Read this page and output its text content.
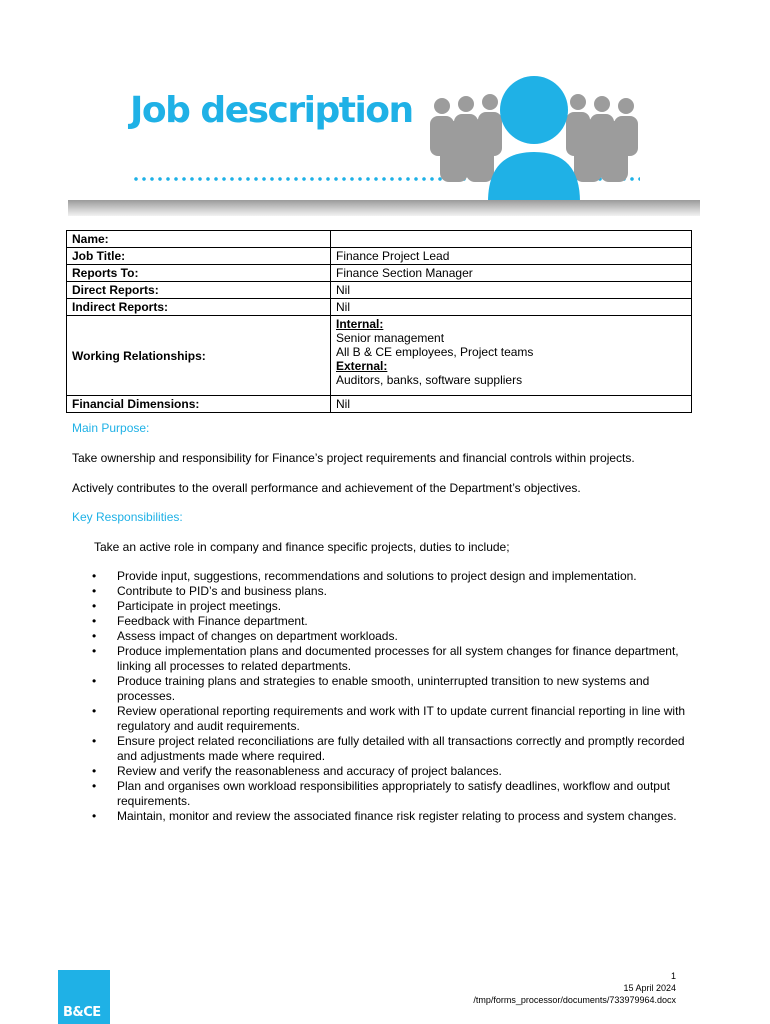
Job description
Name:	
Job Title:	Finance Project Lead
Reports To:	Finance Section Manager
Direct Reports:	Nil
Indirect Reports:	Nil
Working Relationships:	Internal:
Senior management
All B & CE employees, Project teams
External:
Auditors, banks, software suppliers

Financial Dimensions:	Nil
Main Purpose:
Take ownership and responsibility for Finance’s project requirements and financial controls within projects.
Actively contributes to the overall performance and achievement of the Department’s objectives.
Key Responsibilities:
Take an active role in company and finance specific projects, duties to include;
• Provide input, suggestions, recommendations and solutions to project design and implementation.
• Contribute to PID’s and business plans.
• Participate in project meetings.
• Feedback with Finance department.
• Assess impact of changes on department workloads.
• Produce implementation plans and documented processes for all system changes for finance department, linking all processes to related departments.
• Produce training plans and strategies to enable smooth, uninterrupted transition to new systems and processes.
• Review operational reporting requirements and work with IT to update current financial reporting in line with regulatory and audit requirements.
• Ensure project related reconciliations are fully detailed with all transactions correctly and promptly recorded and adjustments made where required.
• Review and verify the reasonableness and accuracy of project balances.
• Plan and organises own workload responsibilities appropriately to satisfy deadlines, workflow and output requirements.
• Maintain, monitor and review the associated finance risk register relating to process and system changes.
B&CE
1
15 April 2024
/tmp/forms_processor/documents/733979964.docx
